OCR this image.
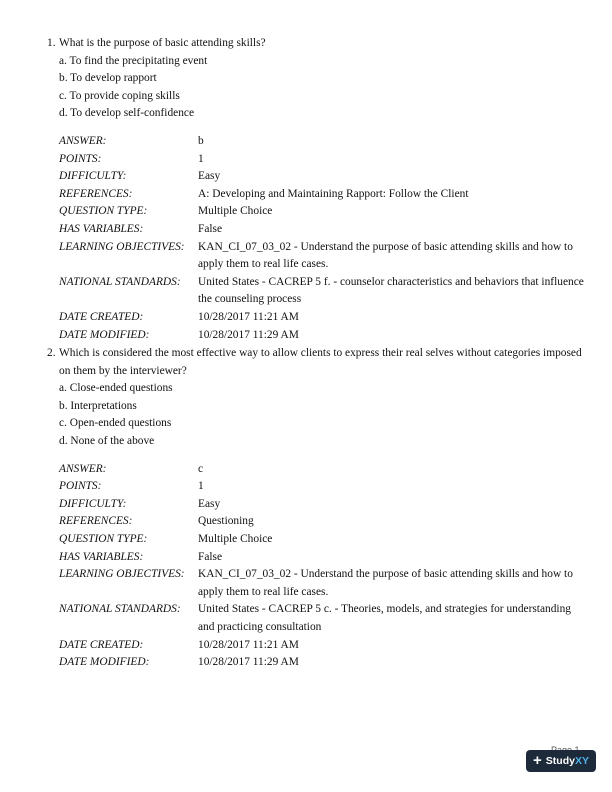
1. What is the purpose of basic attending skills?
a. To find the precipitating event
b. To develop rapport
c. To provide coping skills
d. To develop self-confidence
ANSWER:	b
POINTS:	1
DIFFICULTY:	Easy
REFERENCES:	A: Developing and Maintaining Rapport: Follow the Client
QUESTION TYPE:	Multiple Choice
HAS VARIABLES:	False
LEARNING OBJECTIVES:	KAN_CI_07_03_02 - Understand the purpose of basic attending skills and how to apply them to real life cases.
NATIONAL STANDARDS:	United States - CACREP 5 f. - counselor characteristics and behaviors that influence the counseling process
DATE CREATED:	10/28/2017 11:21 AM
DATE MODIFIED:	10/28/2017 11:29 AM
2. Which is considered the most effective way to allow clients to express their real selves without categories imposed on them by the interviewer?
a. Close-ended questions
b. Interpretations
c. Open-ended questions
d. None of the above
ANSWER:	c
POINTS:	1
DIFFICULTY:	Easy
REFERENCES:	Questioning
QUESTION TYPE:	Multiple Choice
HAS VARIABLES:	False
LEARNING OBJECTIVES:	KAN_CI_07_03_02 - Understand the purpose of basic attending skills and how to apply them to real life cases.
NATIONAL STANDARDS:	United States - CACREP 5 c. - Theories, models, and strategies for understanding and practicing consultation
DATE CREATED:	10/28/2017 11:21 AM
DATE MODIFIED:	10/28/2017 11:29 AM
+ Study XY
